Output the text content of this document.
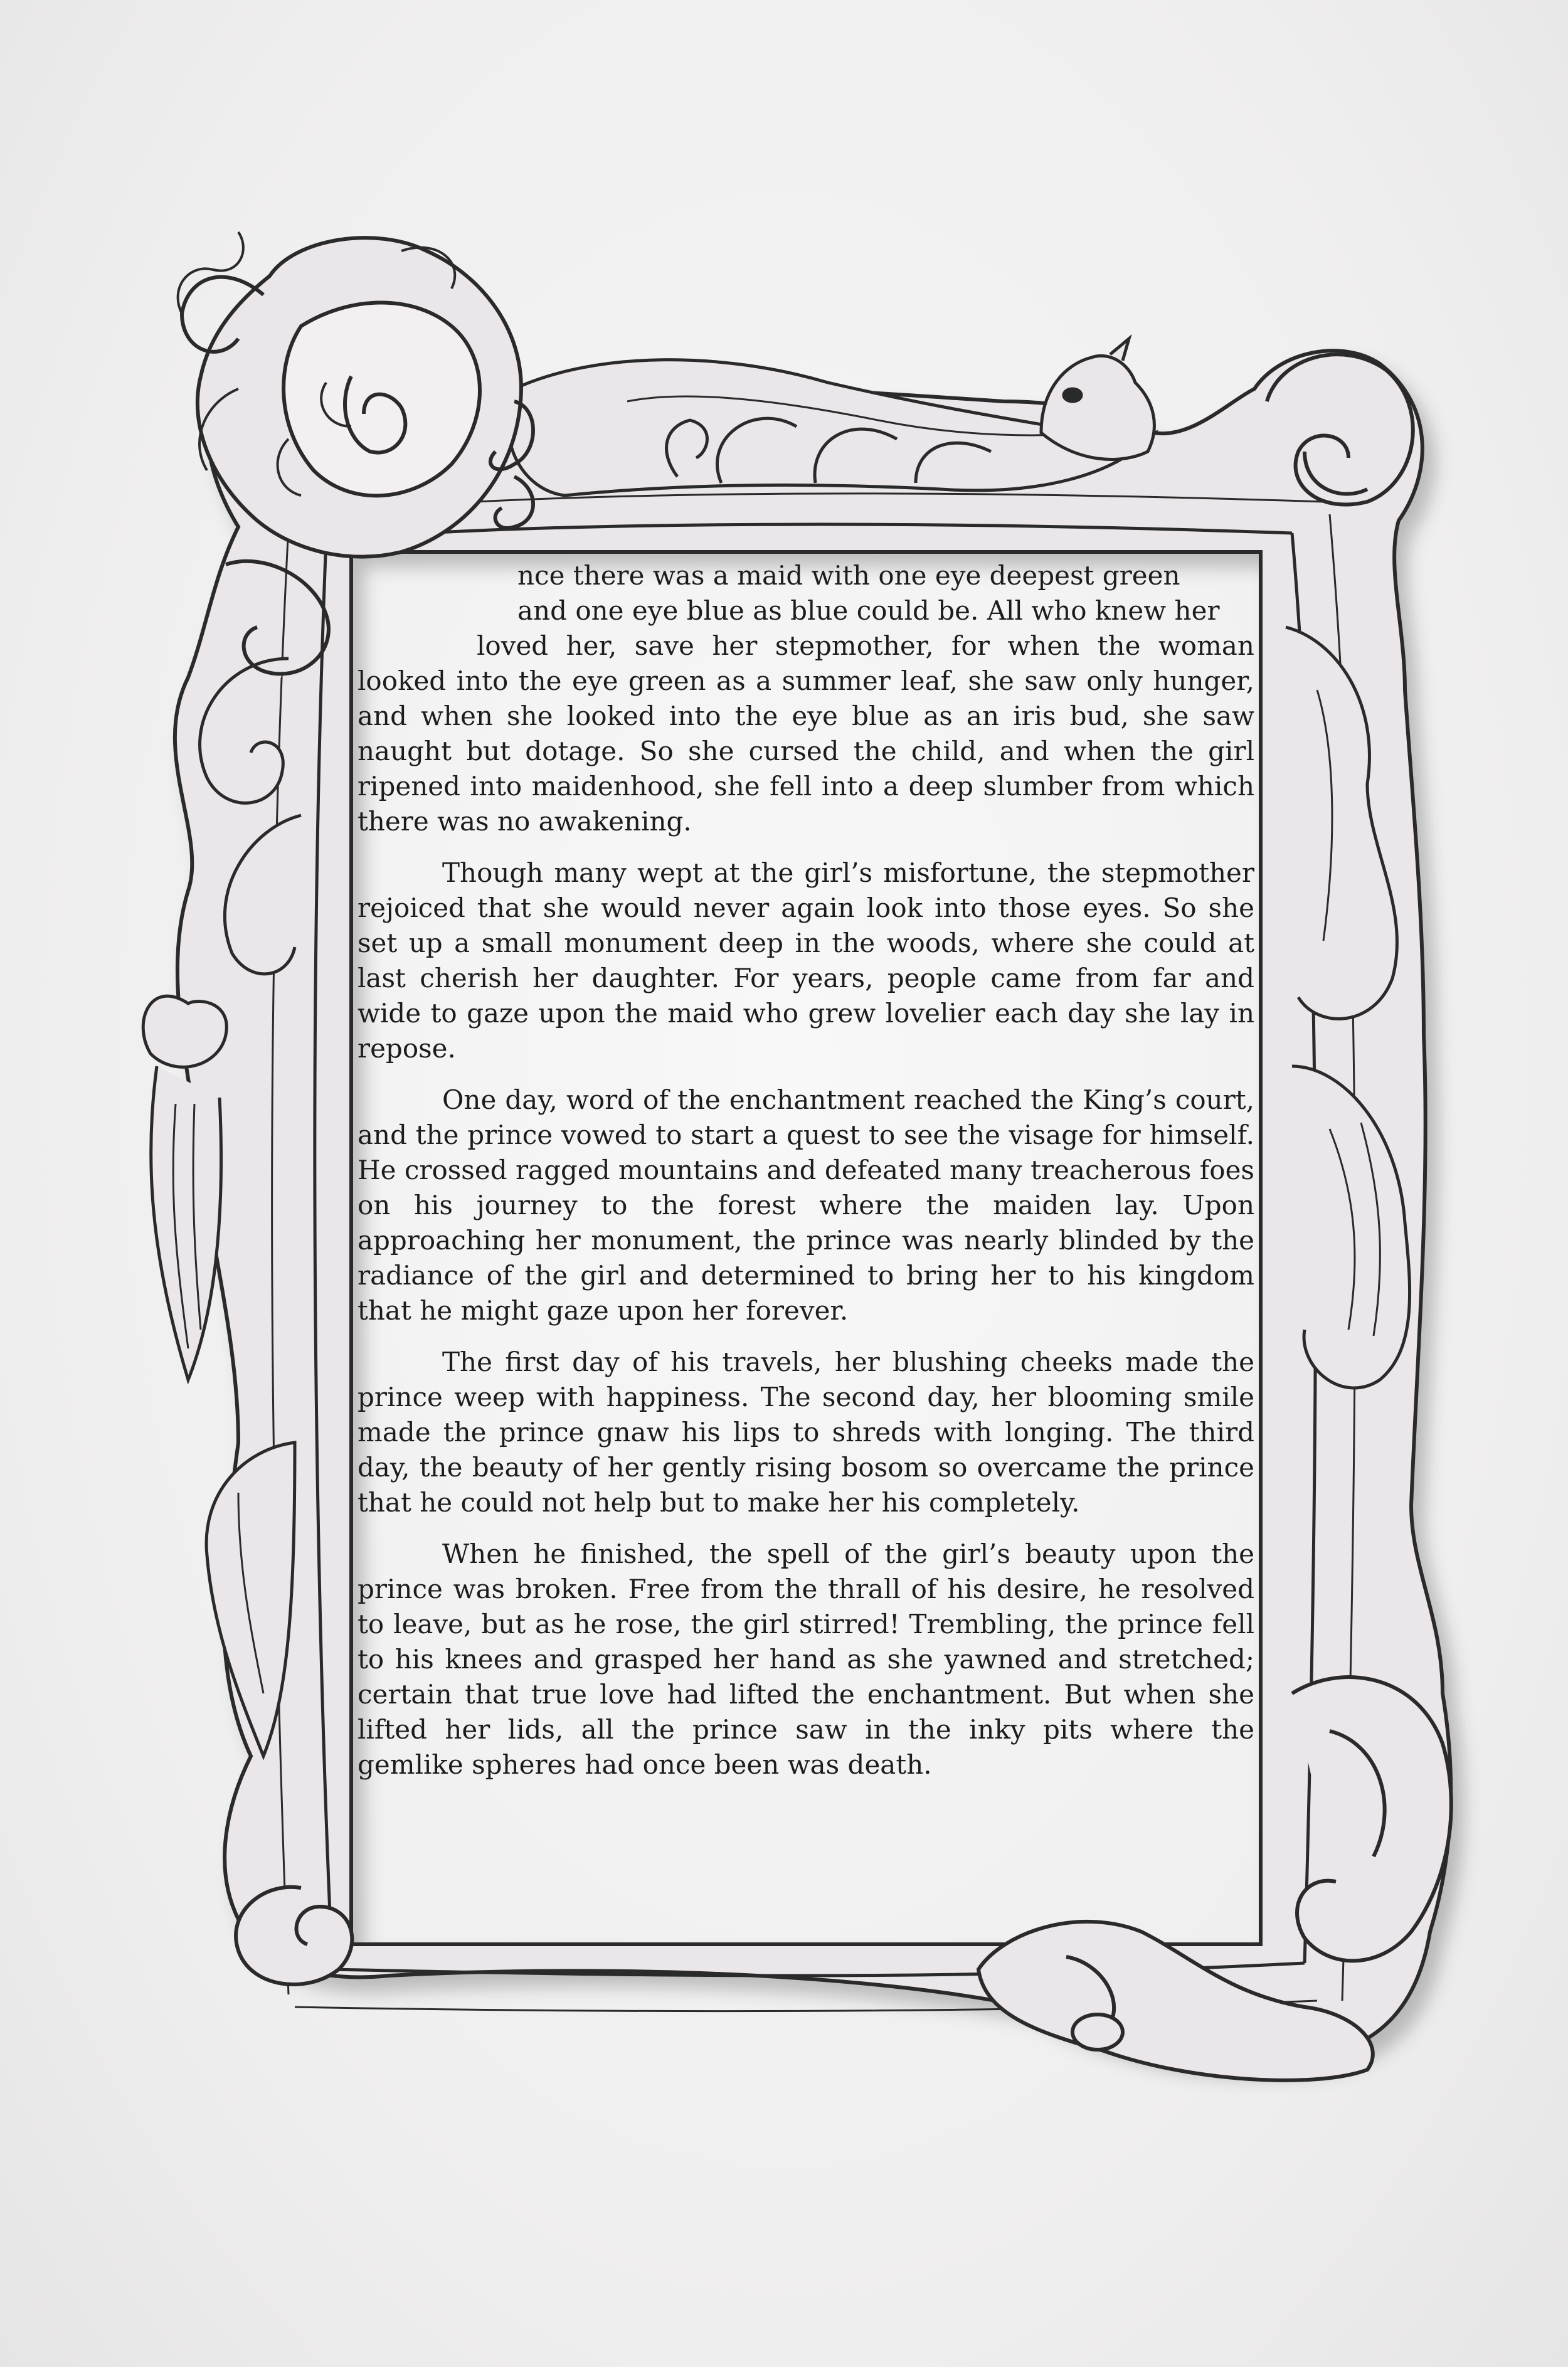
nce there was a maid with one eye deepest green

and one eye blue as blue could be. All who knew her

loved her, save her stepmother, for when the woman looked into the eye green as a summer leaf, she saw only hunger, and when she looked into the eye blue as an iris bud, she saw naught but dotage. So she cursed the child, and when the girl ripened into maidenhood, she fell into a deep slumber from which there was no awakening.

Though many wept at the girl’s misfortune, the stepmother rejoiced that she would never again look into those eyes. So she set up a small monument deep in the woods, where she could at last cherish her daughter. For years, people came from far and wide to gaze upon the maid who grew lovelier each day she lay in repose.

One day, word of the enchantment reached the King’s court, and the prince vowed to start a quest to see the visage for himself. He crossed ragged mountains and defeated many treacherous foes on his journey to the forest where the maiden lay. Upon approaching her monument, the prince was nearly blinded by the radiance of the girl and determined to bring her to his kingdom that he might gaze upon her forever.

The first day of his travels, her blushing cheeks made the prince weep with happiness. The second day, her blooming smile made the prince gnaw his lips to shreds with longing. The third day, the beauty of her gently rising bosom so overcame the prince that he could not help but to make her his completely.

When he finished, the spell of the girl’s beauty upon the prince was broken. Free from the thrall of his desire, he resolved to leave, but as he rose, the girl stirred! Trembling, the prince fell to his knees and grasped her hand as she yawned and stretched; certain that true love had lifted the enchantment. But when she lifted her lids, all the prince saw in the inky pits where the gemlike spheres had once been was death.
